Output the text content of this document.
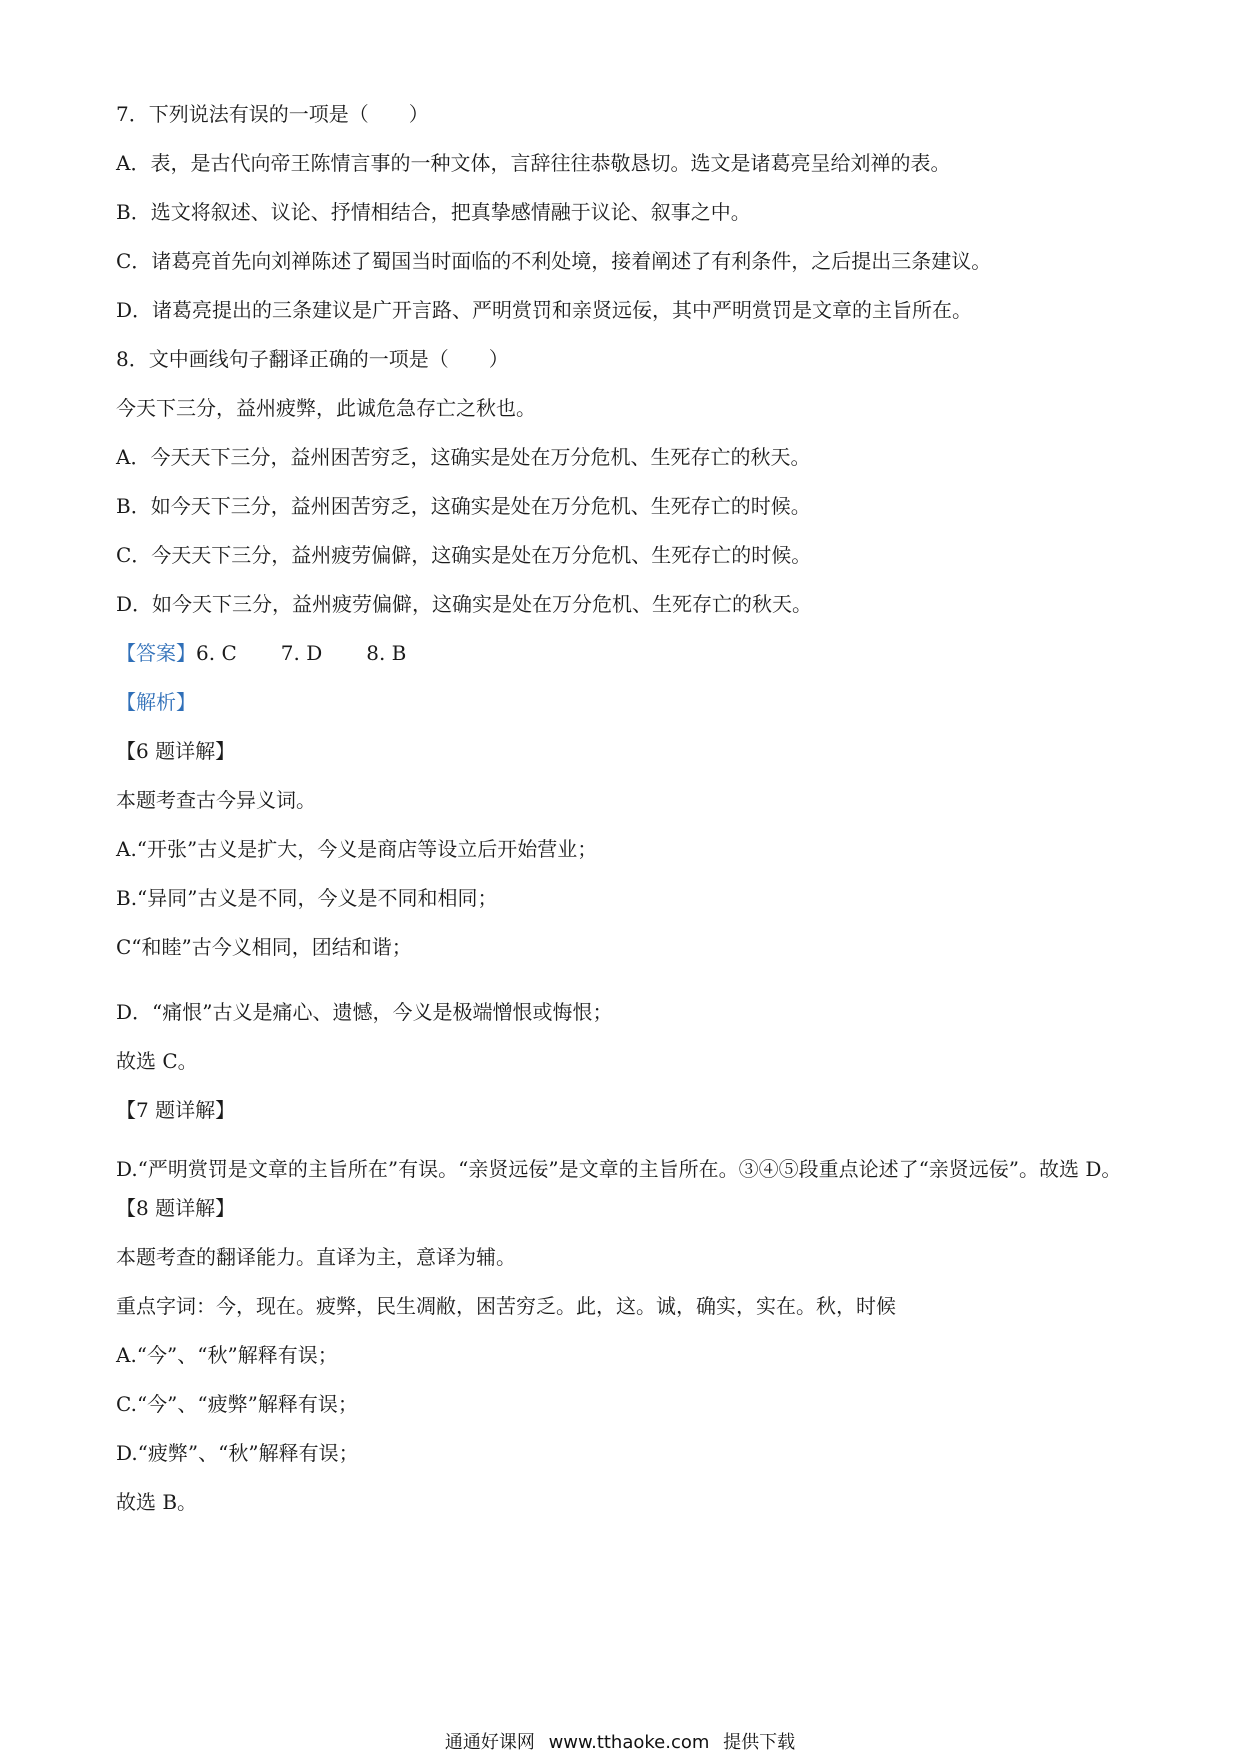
7．下列说法有误的一项是（　　）
A．表，是古代向帝王陈情言事的一种文体，言辞往往恭敬恳切。选文是诸葛亮呈给刘禅的表。
B．选文将叙述、议论、抒情相结合，把真挚感情融于议论、叙事之中。
C．诸葛亮首先向刘禅陈述了蜀国当时面临的不利处境，接着阐述了有利条件，之后提出三条建议。
D．诸葛亮提出的三条建议是广开言路、严明赏罚和亲贤远佞，其中严明赏罚是文章的主旨所在。
8．文中画线句子翻译正确的一项是（　　）
今天下三分，益州疲弊，此诚危急存亡之秋也。
A．今天天下三分，益州困苦穷乏，这确实是处在万分危机、生死存亡的秋天。
B．如今天下三分，益州困苦穷乏，这确实是处在万分危机、生死存亡的时候。
C．今天天下三分，益州疲劳偏僻，这确实是处在万分危机、生死存亡的时候。
D．如今天下三分，益州疲劳偏僻，这确实是处在万分危机、生死存亡的秋天。
【答案】6. C 7. D 8. B
【解析】
【6 题详解】
本题考查古今异义词。
A.“开张”古义是扩大，今义是商店等设立后开始营业；
B.“异同”古义是不同，今义是不同和相同；
C“和睦”古今义相同，团结和谐；
D．“痛恨”古义是痛心、遗憾，今义是极端憎恨或悔恨；
故选 C。
【7 题详解】
D.“严明赏罚是文章的主旨所在”有误。“亲贤远佞”是文章的主旨所在。③④⑤段重点论述了“亲贤远佞”。故选 D。
【8 题详解】
本题考查的翻译能力。直译为主，意译为辅。
重点字词：今，现在。疲弊，民生凋敝，困苦穷乏。此，这。诚，确实，实在。秋，时候
A.“今”、“秋”解释有误；
C.“今”、“疲弊”解释有误；
D.“疲弊”、“秋”解释有误；
故选 B。
通通好课网 www.tthaoke.com 提供下载
